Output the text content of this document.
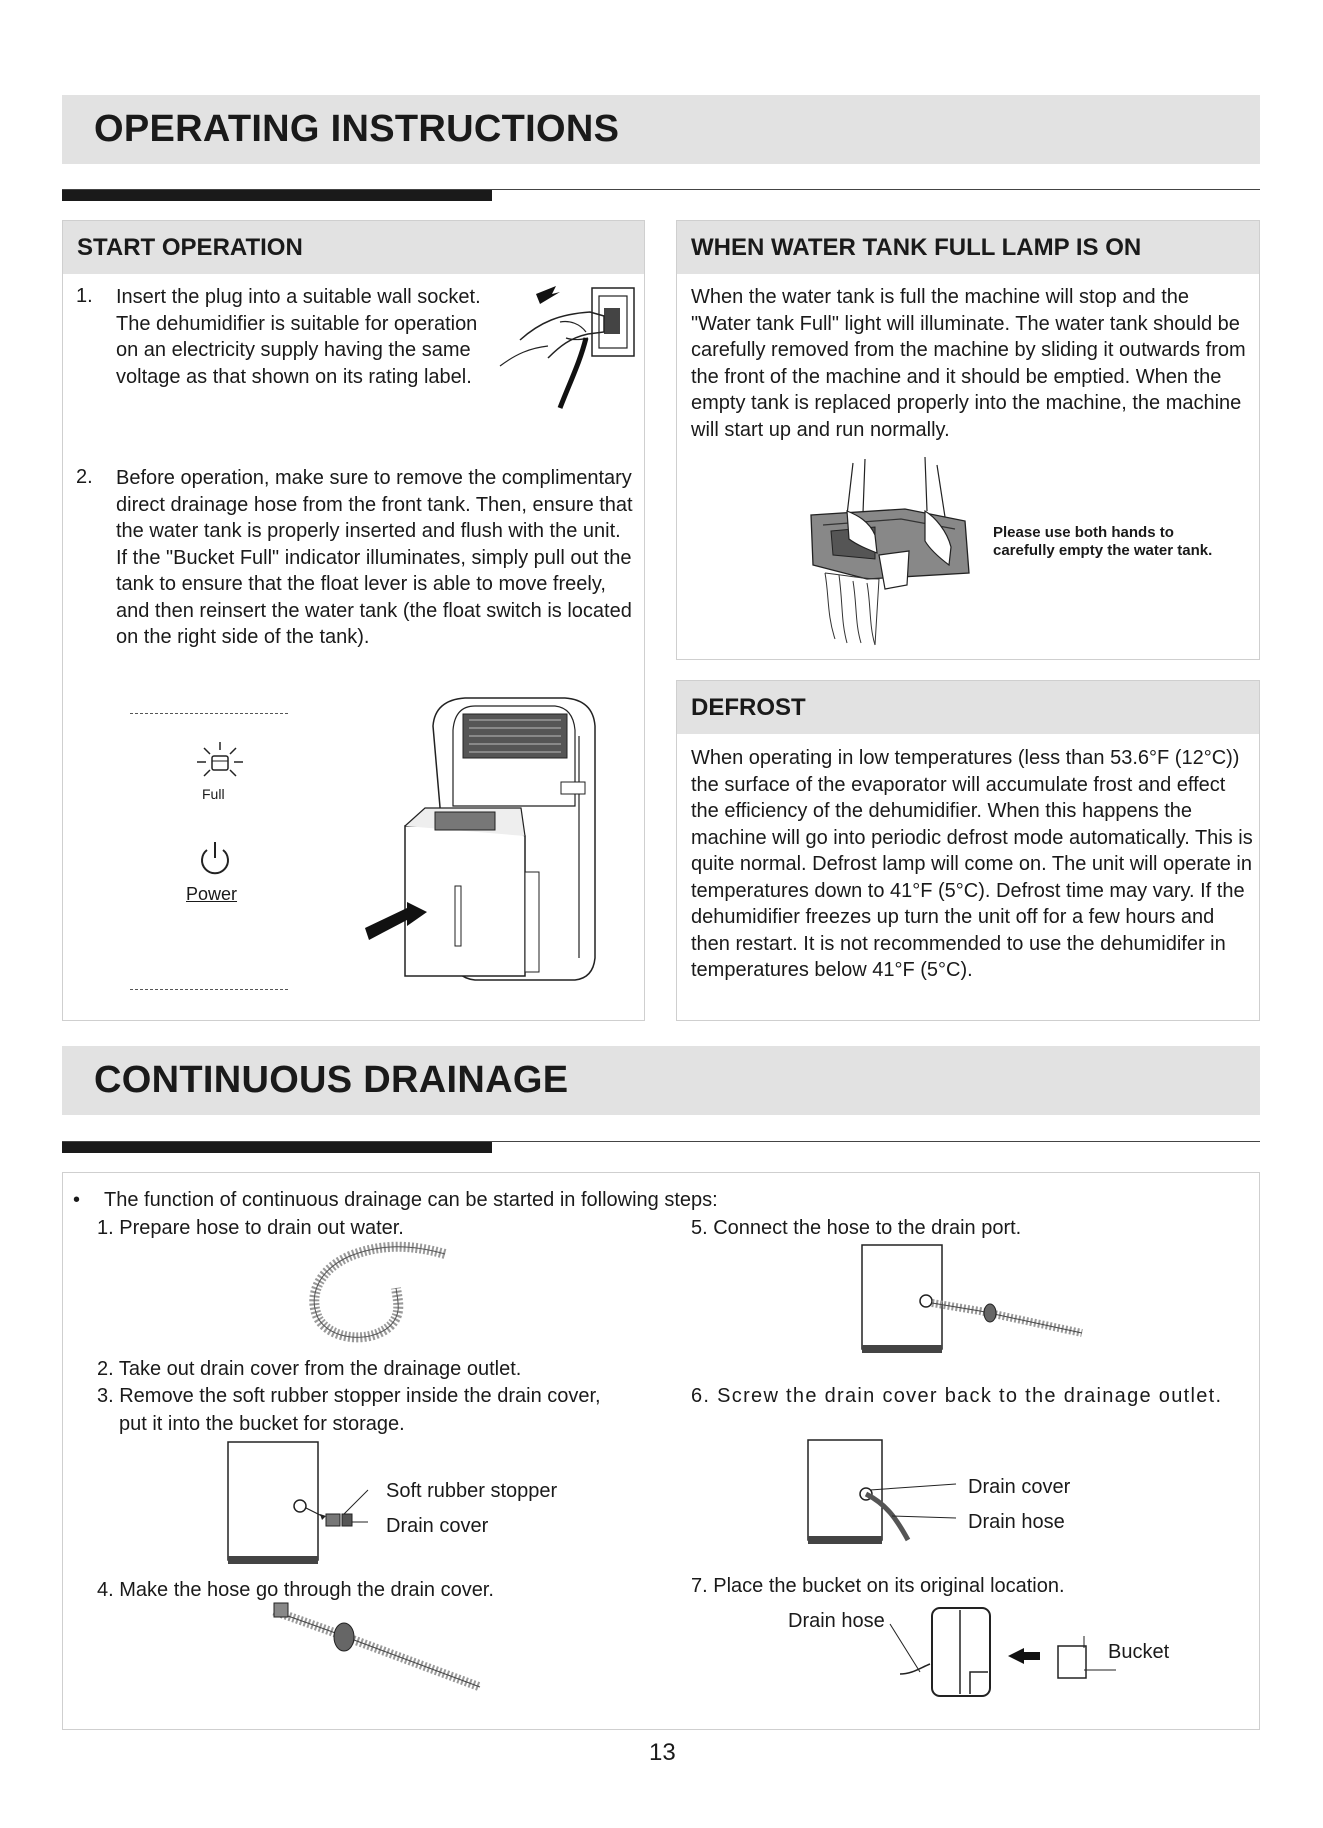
OPERATING INSTRUCTIONS
START OPERATION
1. Insert the plug into a suitable wall socket. The dehumidifier is suitable for operation on an electricity supply having the same voltage as that shown on its rating label.
2. Before operation, make sure to remove the complimentary direct drainage hose from the front tank. Then, ensure that the water tank is properly inserted and flush with the unit. If the "Bucket Full" indicator illuminates, simply pull out the tank to ensure that the float lever is able to move freely, and then reinsert the water tank (the float switch is located on the right side of the tank).
Full
Power
WHEN WATER TANK FULL LAMP IS ON
When the water tank is full the machine will stop and the "Water tank Full" light will illuminate. The water tank should be carefully removed from the machine by sliding it outwards from the front of the machine and it should be emptied. When the empty tank is replaced properly into the machine, the machine will start up and run normally.
Please use both hands to carefully empty the water tank.
DEFROST
When operating in low temperatures (less than 53.6°F (12°C)) the surface of the evaporator will accumulate frost and effect the efficiency of the dehumidifier. When this happens the machine will go into periodic defrost mode automatically. This is quite normal. Defrost lamp will come on. The unit will operate in temperatures down to 41°F (5°C). Defrost time may vary. If the dehumidifier freezes up turn the unit off for a few hours and then restart. It is not recommended to use the dehumidifer in temperatures below 41°F (5°C).
CONTINUOUS DRAINAGE
• The function of continuous drainage can be started in following steps:
1. Prepare hose to drain out water.
2. Take out drain cover from the drainage outlet.
3. Remove the soft rubber stopper inside the drain cover,
put it into the bucket for storage.
Soft rubber stopper
Drain cover
4. Make the hose go through the drain cover.
5. Connect the hose to the drain port.
6. Screw the drain cover back to the drainage outlet.
Drain cover
Drain hose
7. Place the bucket on its original location.
Drain hose
Bucket
13
